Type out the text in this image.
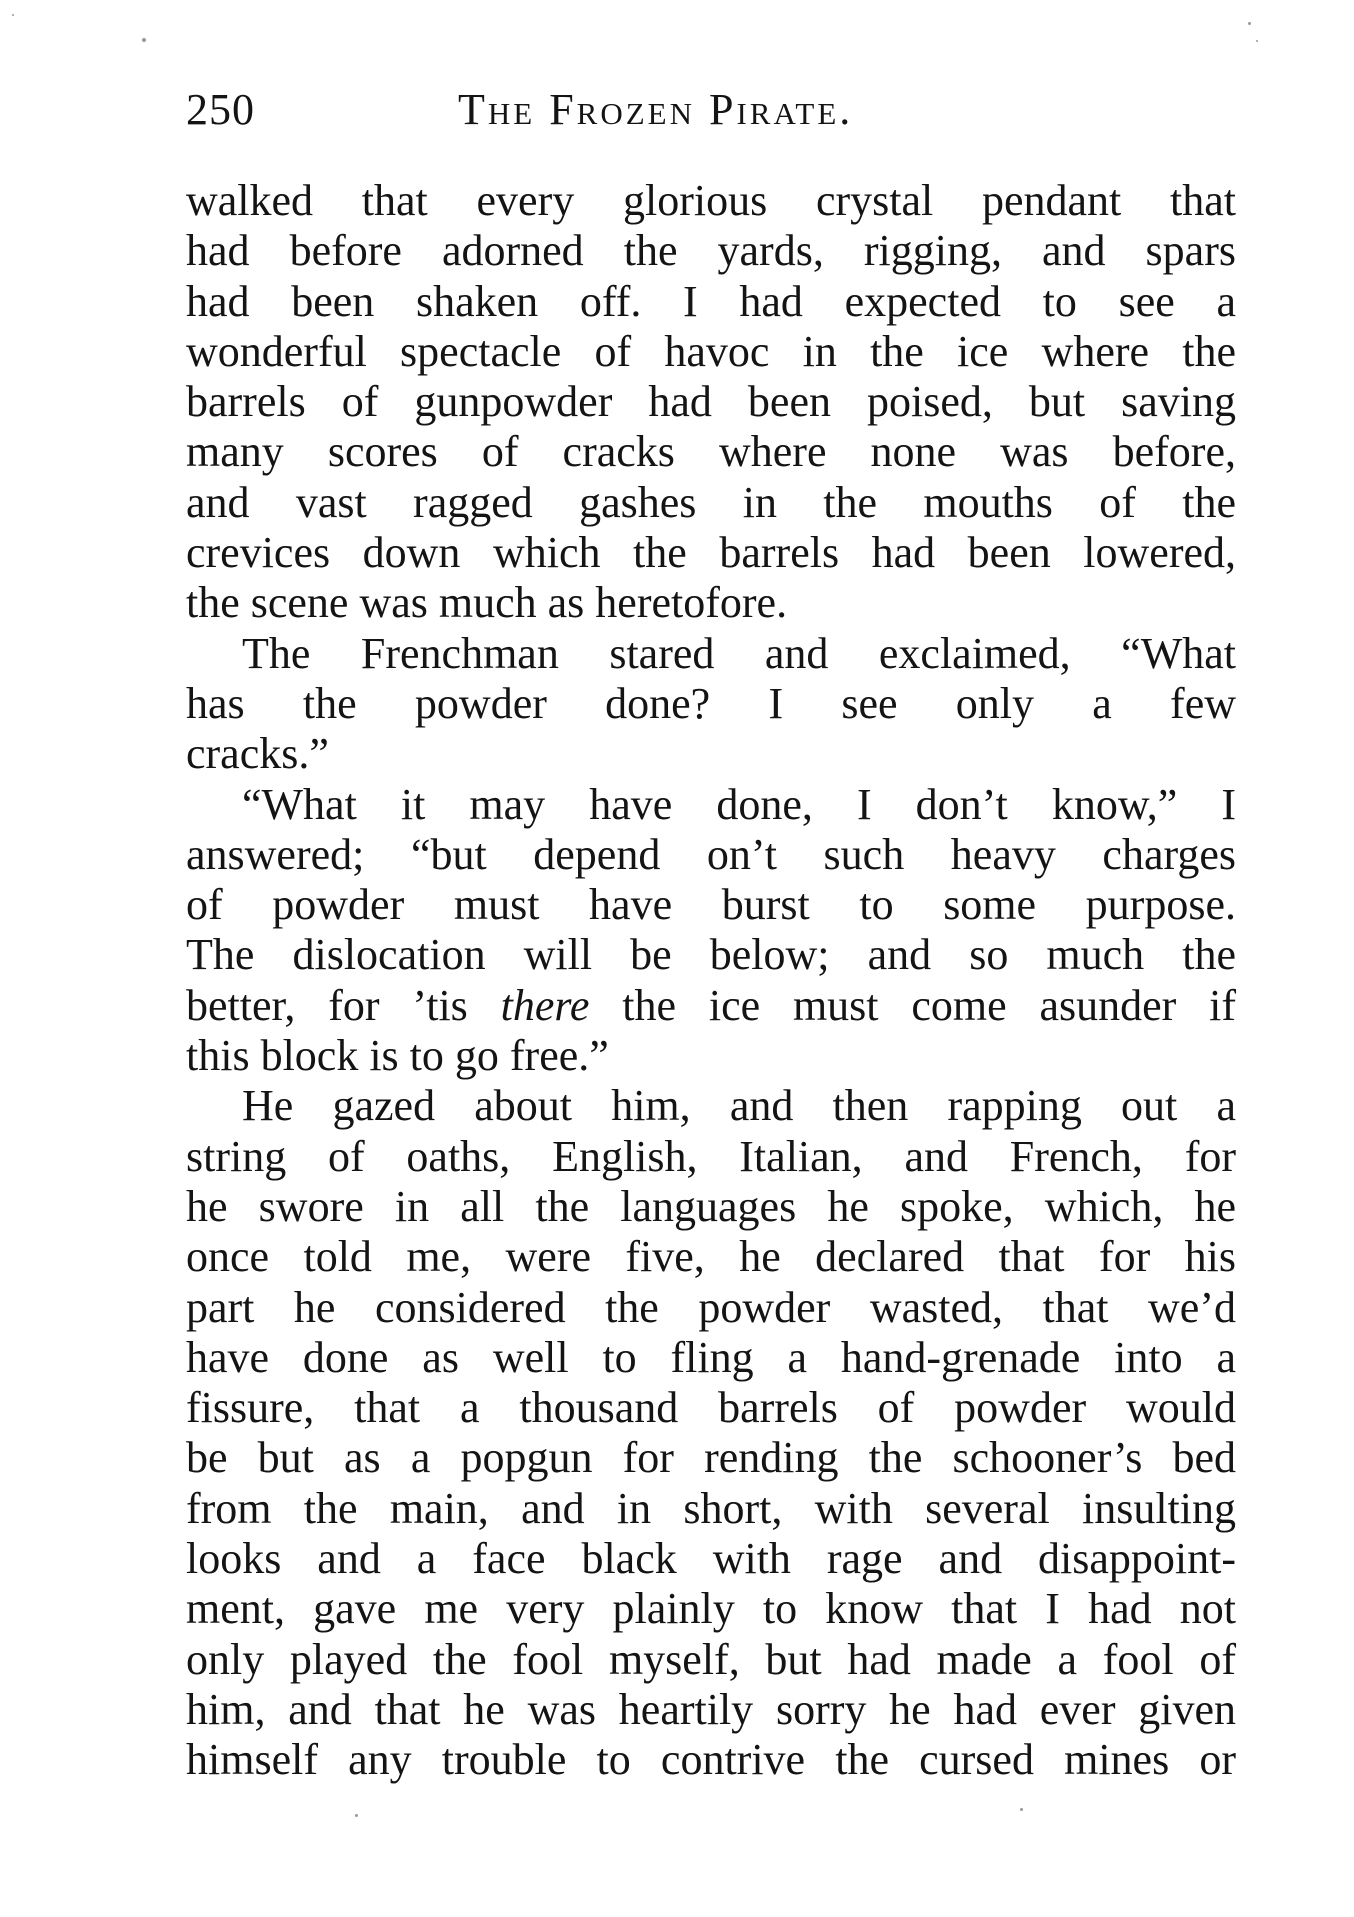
250	The Frozen Pirate.
walked that every glorious crystal pendant that
had before adorned the yards, rigging, and spars
had been shaken off. I had expected to see a
wonderful spectacle of havoc in the ice where the
barrels of gunpowder had been poised, but saving
many scores of cracks where none was before,
and vast ragged gashes in the mouths of the
crevices down which the barrels had been lowered,
the scene was much as heretofore.
The Frenchman stared and exclaimed, “What
has the powder done? I see only a few
cracks.”
“What it may have done, I don’t know,” I
answered; “but depend on’t such heavy charges
of powder must have burst to some purpose.
The dislocation will be below; and so much the
better, for ’tis there the ice must come asunder if
this block is to go free.”
He gazed about him, and then rapping out a
string of oaths, English, Italian, and French, for
he swore in all the languages he spoke, which, he
once told me, were five, he declared that for his
part he considered the powder wasted, that we’d
have done as well to fling a hand-grenade into a
fissure, that a thousand barrels of powder would
be but as a popgun for rending the schooner’s bed
from the main, and in short, with several insulting
looks and a face black with rage and disappoint-
ment, gave me very plainly to know that I had not
only played the fool myself, but had made a fool of
him, and that he was heartily sorry he had ever given
himself any trouble to contrive the cursed mines or
